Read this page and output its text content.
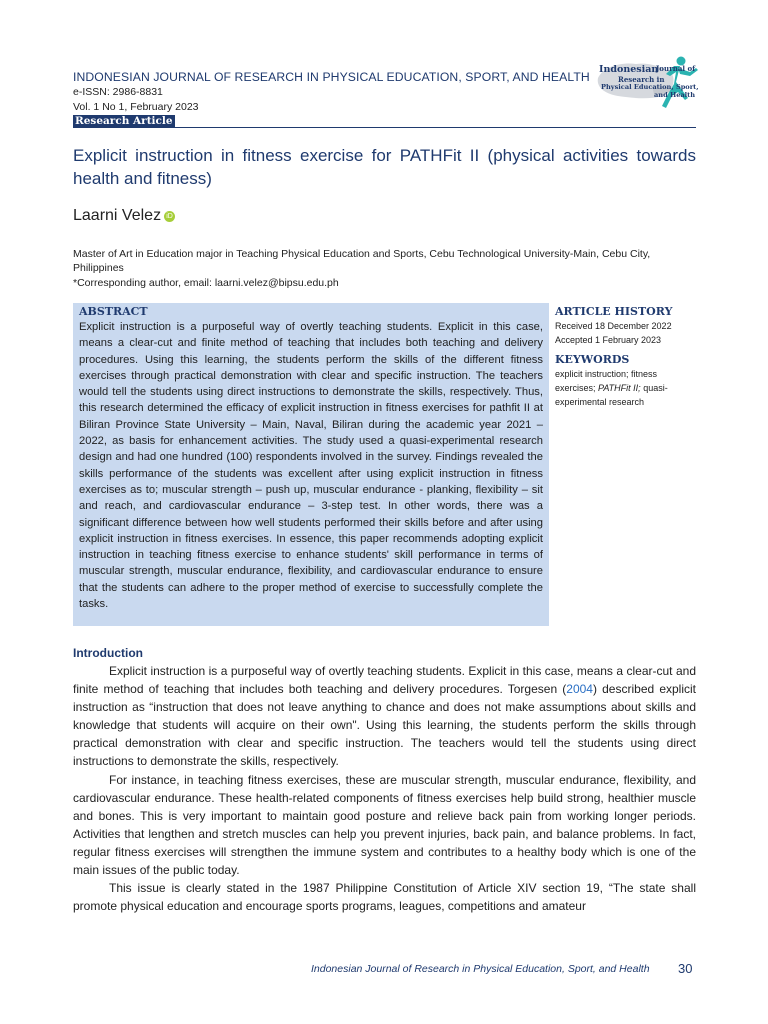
INDONESIAN JOURNAL OF RESEARCH IN PHYSICAL EDUCATION, SPORT, AND HEALTH
e-ISSN: 2986-8831
Vol. 1 No 1, February 2023
Research Article
Indonesian
Journal of
Research in
Physical Education, Sport,
and Health
Explicit instruction in fitness exercise for PATHFit II (physical activities towards health and fitness)
Laarni Velez iD
Master of Art in Education major in Teaching Physical Education and Sports, Cebu Technological University-Main, Cebu City, Philippines
*Corresponding author, email: laarni.velez@bipsu.edu.ph
ABSTRACT

Explicit instruction is a purposeful way of overtly teaching students. Explicit in this case, means a clear-cut and finite method of teaching that includes both teaching and delivery procedures. Using this learning, the students perform the skills of the different fitness exercises through practical demonstration with clear and specific instruction. The teachers would tell the students using direct instructions to demonstrate the skills, respectively. Thus, this research determined the efficacy of explicit instruction in fitness exercises for pathfit II at Biliran Province State University – Main, Naval, Biliran during the academic year 2021 – 2022, as basis for enhancement activities. The study used a quasi-experimental research design and had one hundred (100) respondents involved in the survey. Findings revealed the skills performance of the students was excellent after using explicit instruction in fitness exercises as to; muscular strength – push up, muscular endurance - planking, flexibility – sit and reach, and cardiovascular endurance – 3-step test. In other words, there was a significant difference between how well students performed their skills before and after using explicit instruction in fitness exercises. In essence, this paper recommends adopting explicit instruction in teaching fitness exercise to enhance students' skill performance in terms of muscular strength, muscular endurance, flexibility, and cardiovascular endurance to ensure that the students can adhere to the proper method of exercise to successfully complete the tasks.

ARTICLE HISTORY
Received 18 December 2022
Accepted 1 February 2023
KEYWORDS
explicit instruction; fitness exercises; PATHFit II; quasi-experimental research
Introduction

Explicit instruction is a purposeful way of overtly teaching students. Explicit in this case, means a clear-cut and finite method of teaching that includes both teaching and delivery procedures. Torgesen (2004) described explicit instruction as “instruction that does not leave anything to chance and does not make assumptions about skills and knowledge that students will acquire on their own". Using this learning, the students perform the skills through practical demonstration with clear and specific instruction. The teachers would tell the students using direct instructions to demonstrate the skills, respectively.

For instance, in teaching fitness exercises, these are muscular strength, muscular endurance, flexibility, and cardiovascular endurance. These health-related components of fitness exercises help build strong, healthier muscle and bones. This is very important to maintain good posture and relieve back pain from working longer periods. Activities that lengthen and stretch muscles can help you prevent injuries, back pain, and balance problems. In fact, regular fitness exercises will strengthen the immune system and contributes to a healthy body which is one of the main issues of the public today.

This issue is clearly stated in the 1987 Philippine Constitution of Article XIV section 19, “The state shall promote physical education and encourage sports programs, leagues, competitions and amateur

Indonesian Journal of Research in Physical Education, Sport, and Health 30
